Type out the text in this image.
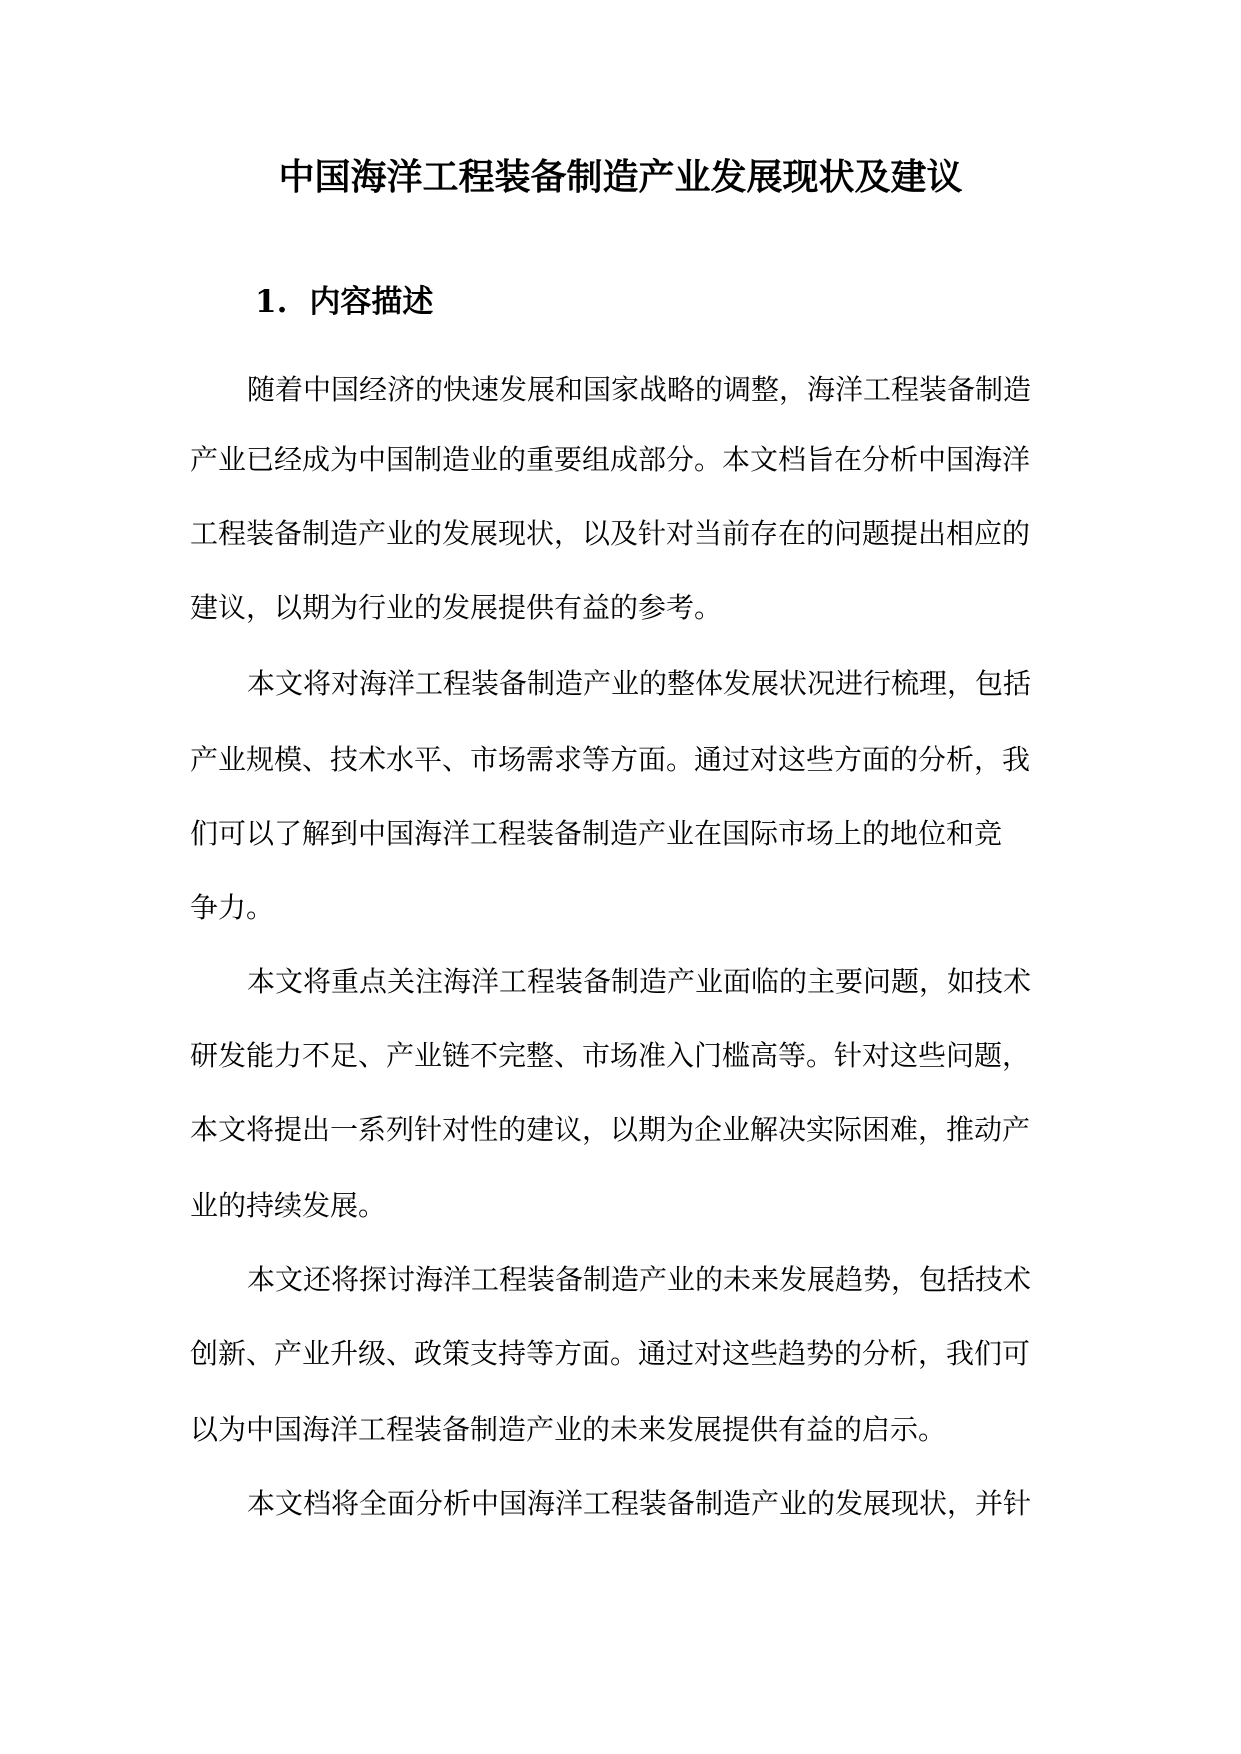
中国海洋工程装备制造产业发展现状及建议
1. 内容描述

随着中国经济的快速发展和国家战略的调整，海洋工程装备制造

产业已经成为中国制造业的重要组成部分。本文档旨在分析中国海洋

工程装备制造产业的发展现状，以及针对当前存在的问题提出相应的

建议，以期为行业的发展提供有益的参考。

本文将对海洋工程装备制造产业的整体发展状况进行梳理，包括

产业规模、技术水平、市场需求等方面。通过对这些方面的分析，我

们可以了解到中国海洋工程装备制造产业在国际市场上的地位和竞

争力。

本文将重点关注海洋工程装备制造产业面临的主要问题，如技术

研发能力不足、产业链不完整、市场准入门槛高等。针对这些问题，

本文将提出一系列针对性的建议，以期为企业解决实际困难，推动产

业的持续发展。

本文还将探讨海洋工程装备制造产业的未来发展趋势，包括技术

创新、产业升级、政策支持等方面。通过对这些趋势的分析，我们可

以为中国海洋工程装备制造产业的未来发展提供有益的启示。

本文档将全面分析中国海洋工程装备制造产业的发展现状，并针
